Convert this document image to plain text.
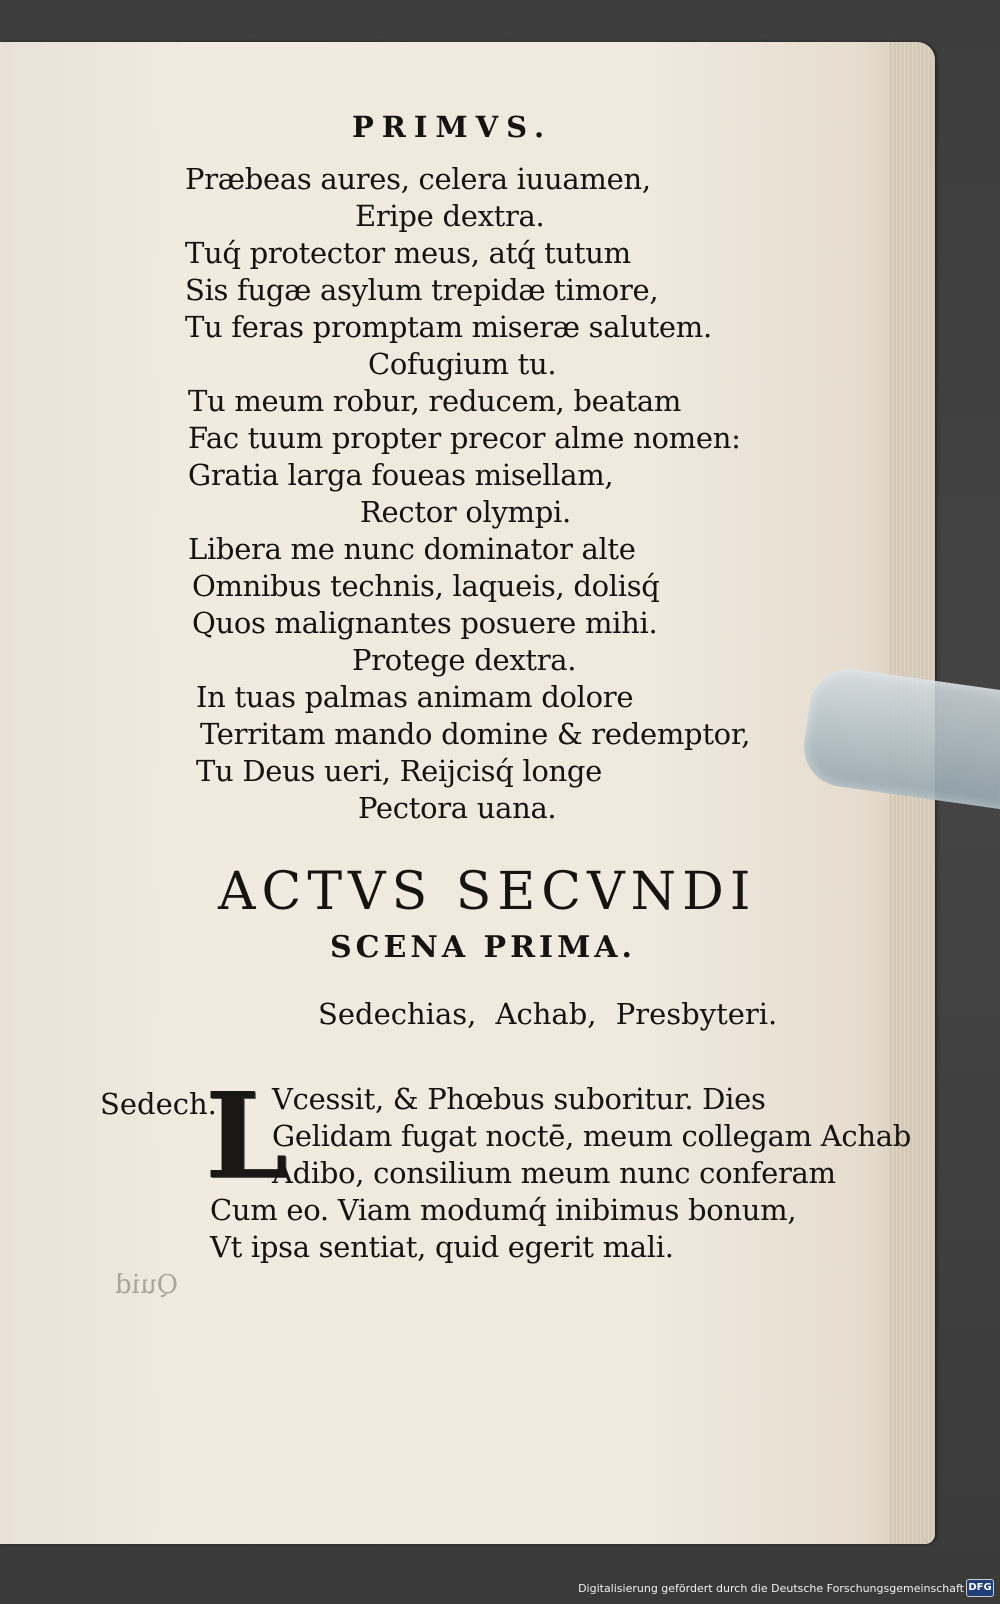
PRIMVS.
Præbeas aures, celera iuuamen,
Eripe dextra.
Tuq́ protector meus, atq́ tutum
Sis fugæ asylum trepidæ timore,
Tu feras promptam miseræ salutem.
Cofugium tu.
Tu meum robur, reducem, beatam
Fac tuum propter precor alme nomen:
Gratia larga foueas misellam,
Rector olympi.
Libera me nunc dominator alte
Omnibus technis, laqueis, dolisq́
Quos malignantes posuere mihi.
Protege dextra.
In tuas palmas animam dolore
Territam mando domine & redemptor,
Tu Deus ueri, Reijcisq́ longe
Pectora uana.
ACTVS SECVNDI
SCENA PRIMA.
Sedechias, Achab, Presbyteri.
Sedech.
L
Vcessit, & Phœbus suboritur. Dies
Gelidam fugat noctē, meum collegam Achab
Adibo, consilium meum nunc conferam
Cum eo. Viam modumq́ inibimus bonum,
Vt ipsa sentiat, quid egerit mali.
Quid
Digitalisierung gefördert durch die Deutsche Forschungsgemeinschaft DFG
